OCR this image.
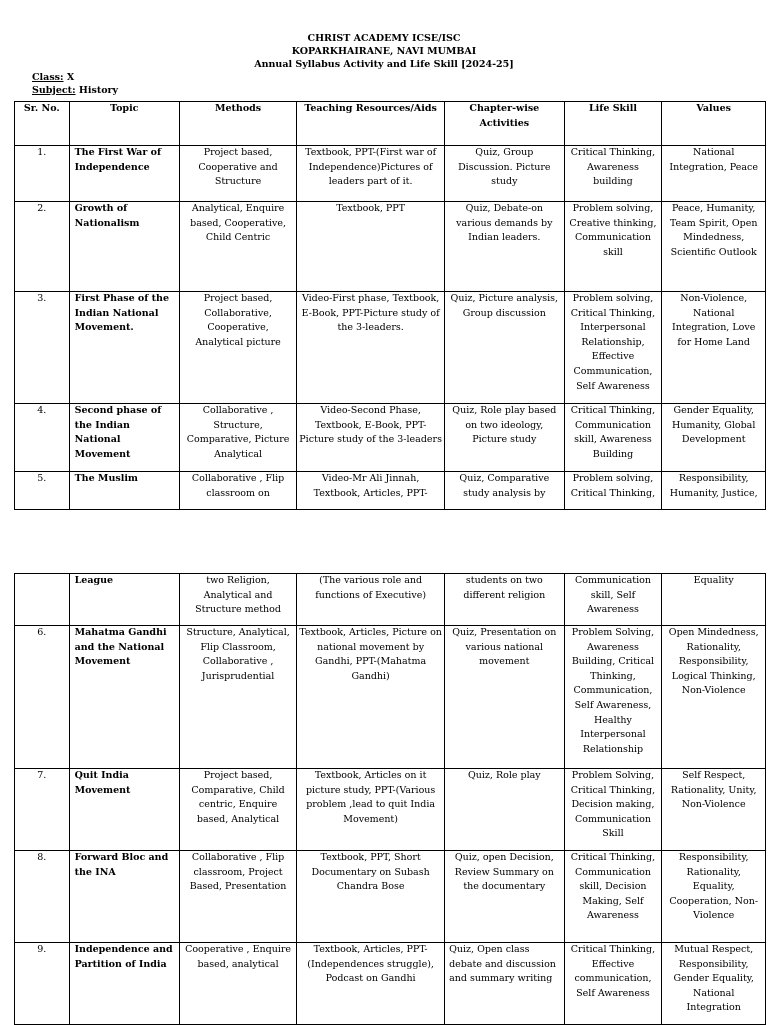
CHRIST ACADEMY ICSE/ISC
KOPARKHAIRANE, NAVI MUMBAI
Annual Syllabus Activity and Life Skill [2024-25]
Class: X
Subject: History
Sr. No.	Topic	Methods	Teaching Resources/Aids	Chapter-wise Activities	Life Skill	Values
1.	The First War of Independence	Project based, Cooperative and Structure	Textbook, PPT-(First war of Independence)Pictures of leaders part of it.	Quiz, Group Discussion. Picture study	Critical Thinking, Awareness building	National Integration, Peace
2.	Growth of Nationalism	Analytical, Enquire based, Cooperative, Child Centric	Textbook, PPT	Quiz, Debate-on various demands by Indian leaders.	Problem solving, Creative thinking, Communication skill	Peace, Humanity, Team Spirit, Open Mindedness, Scientific Outlook
3.	First Phase of the Indian National Movement.	Project based, Collaborative, Cooperative, Analytical picture	Video-First phase, Textbook, E-Book, PPT-Picture study of the 3-leaders.	Quiz, Picture analysis, Group discussion	Problem solving, Critical Thinking, Interpersonal Relationship, Effective Communication, Self Awareness	Non-Violence, National Integration, Love for Home Land
4.	Second phase of the Indian National Movement	Collaborative , Structure, Comparative, Picture Analytical	Video-Second Phase, Textbook, E-Book, PPT-Picture study of the 3-leaders	Quiz, Role play based on two ideology, Picture study	Critical Thinking, Communication skill, Awareness Building	Gender Equality, Humanity, Global Development
5.	The Muslim	Collaborative , Flip classroom on	Video-Mr Ali Jinnah, Textbook, Articles, PPT-	Quiz, Comparative study analysis by	Problem solving, Critical Thinking,	Responsibility, Humanity, Justice,
	League	two Religion, Analytical and Structure method	(The various role and functions of Executive)	students on two different religion	Communication skill, Self Awareness	Equality
6.	Mahatma Gandhi and the National Movement	Structure, Analytical, Flip Classroom, Collaborative , Jurisprudential	Textbook, Articles, Picture on national movement by Gandhi, PPT-(Mahatma Gandhi)	Quiz, Presentation on various national movement	Problem Solving, Awareness Building, Critical Thinking, Communication, Self Awareness, Healthy Interpersonal Relationship	Open Mindedness, Rationality, Responsibility, Logical Thinking, Non-Violence
7.	Quit India Movement	Project based, Comparative, Child centric, Enquire based, Analytical	Textbook, Articles on it picture study, PPT-(Various problem ,lead to quit India Movement)	Quiz, Role play	Problem Solving, Critical Thinking, Decision making, Communication Skill	Self Respect, Rationality, Unity, Non-Violence
8.	Forward Bloc and the INA	Collaborative , Flip classroom, Project Based, Presentation	Textbook, PPT, Short Documentary on Subash Chandra Bose	Quiz, open Decision, Review Summary on the documentary	Critical Thinking, Communication skill, Decision Making, Self Awareness	Responsibility, Rationality, Equality, Cooperation, Non-Violence
9.	Independence and Partition of India	Cooperative , Enquire based, analytical	Textbook, Articles, PPT-(Independences struggle), Podcast on Gandhi	Quiz, Open class debate and discussion and summary writing	Critical Thinking, Effective communication, Self Awareness	Mutual Respect, Responsibility, Gender Equality, National Integration
